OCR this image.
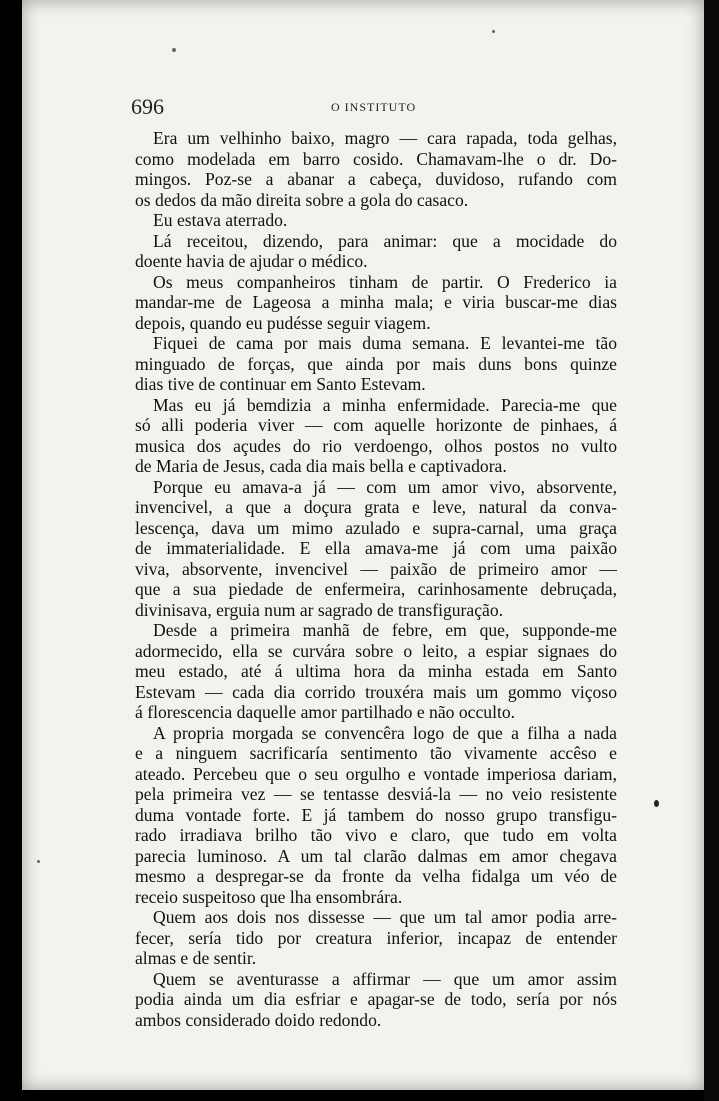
696	O INSTITUTO
Era um velhinho baixo, magro — cara rapada, toda gelhas,
como modelada em barro cosido. Chamavam-lhe o dr. Do-
mingos. Poz-se a abanar a cabeça, duvidoso, rufando com
os dedos da mão direita sobre a gola do casaco.
Eu estava aterrado.
Lá receitou, dizendo, para animar: que a mocidade do
doente havia de ajudar o médico.
Os meus companheiros tinham de partir. O Frederico ia
mandar-me de Lageosa a minha mala; e viria buscar-me dias
depois, quando eu pudésse seguir viagem.
Fiquei de cama por mais duma semana. E levantei-me tão
minguado de forças, que ainda por mais duns bons quinze
dias tive de continuar em Santo Estevam.
Mas eu já bemdizia a minha enfermidade. Parecia-me que
só alli poderia viver — com aquelle horizonte de pinhaes, á
musica dos açudes do rio verdoengo, olhos postos no vulto
de Maria de Jesus, cada dia mais bella e captivadora.
Porque eu amava-a já — com um amor vivo, absorvente,
invencivel, a que a doçura grata e leve, natural da conva-
lescença, dava um mimo azulado e supra-carnal, uma graça
de immaterialidade. E ella amava-me já com uma paixão
viva, absorvente, invencivel — paixão de primeiro amor —
que a sua piedade de enfermeira, carinhosamente debruçada,
divinisava, erguia num ar sagrado de transfiguração.
Desde a primeira manhã de febre, em que, supponde-me
adormecido, ella se curvára sobre o leito, a espiar signaes do
meu estado, até á ultima hora da minha estada em Santo
Estevam — cada dia corrido trouxéra mais um gommo viçoso
á florescencia daquelle amor partilhado e não occulto.
A propria morgada se convencêra logo de que a filha a nada
e a ninguem sacrificaría sentimento tão vivamente accêso e
ateado. Percebeu que o seu orgulho e vontade imperiosa dariam,
pela primeira vez — se tentasse desviá-la — no veio resistente
duma vontade forte. E já tambem do nosso grupo transfigu-
rado irradiava brilho tão vivo e claro, que tudo em volta
parecia luminoso. A um tal clarão dalmas em amor chegava
mesmo a despregar-se da fronte da velha fidalga um véo de
receio suspeitoso que lha ensombrára.
Quem aos dois nos dissesse — que um tal amor podia arre-
fecer, sería tido por creatura inferior, incapaz de entender
almas e de sentir.
Quem se aventurasse a affirmar — que um amor assim
podia ainda um dia esfriar e apagar-se de todo, sería por nós
ambos considerado doido redondo.
